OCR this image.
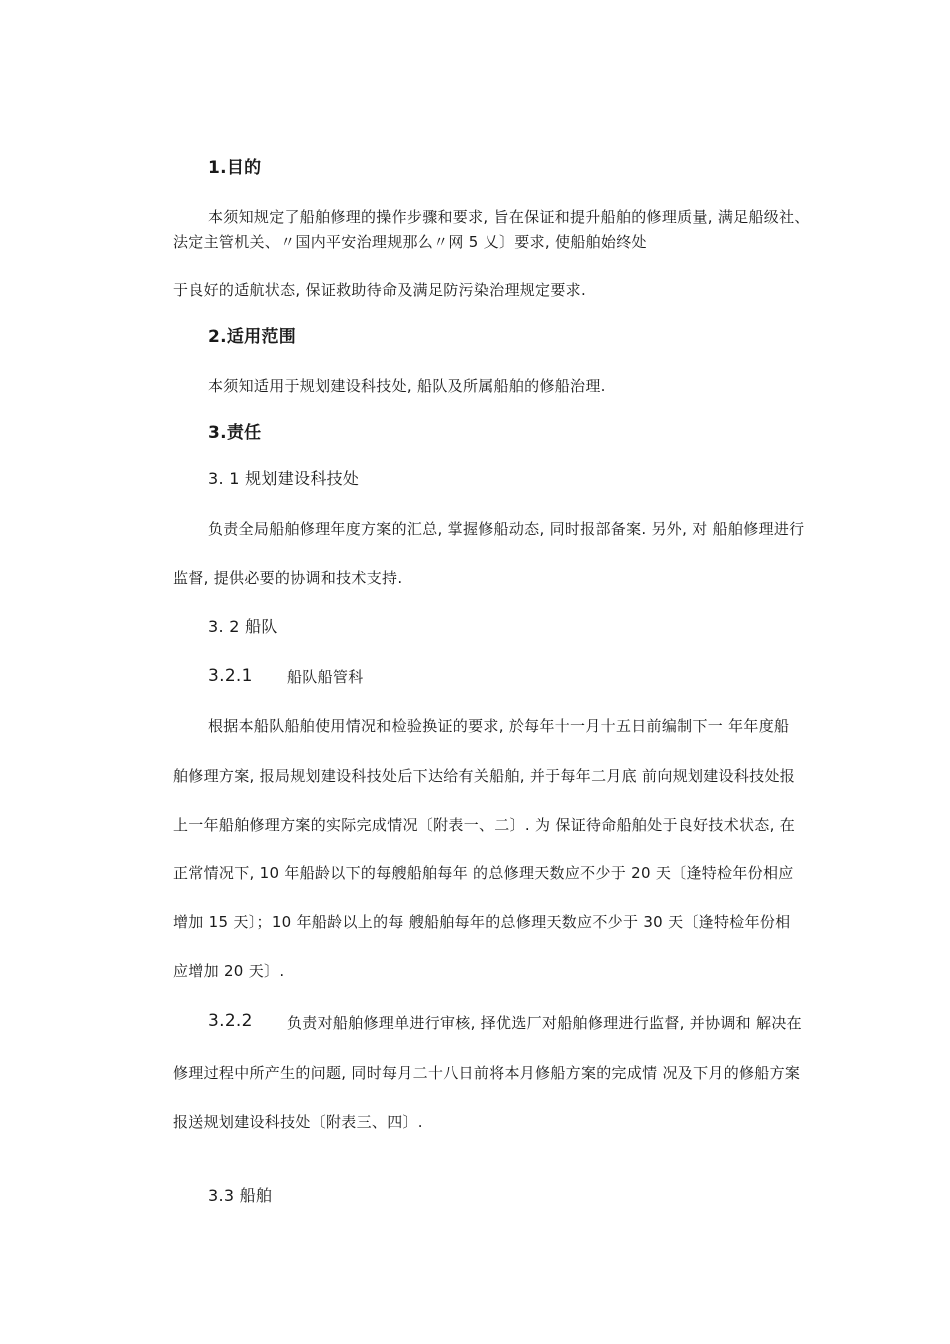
1.目的
本须知规定了船舶修理的操作步骤和要求, 旨在保证和提升船舶的修理质量, 满足船级社、
法定主管机关、〃国内平安治理规那么〃网 5 乂〕要求, 使船舶始终处
于良好的适航状态, 保证救助待命及满足防污染治理规定要求.
2.适用范围
本须知适用于规划建设科技处, 船队及所属船舶的修船治理.
3.责任
3. 1 规划建设科技处
负责全局船舶修理年度方案的汇总, 掌握修船动态, 同时报部备案. 另外, 对 船舶修理进行
监督, 提供必要的协调和技术支持.
3. 2 船队
3.2.1 船队船管科
根据本船队船舶使用情况和检验换证的要求, 於每年十一月十五日前编制下一 年年度船
舶修理方案, 报局规划建设科技处后下达给有关船舶, 并于每年二月底 前向规划建设科技处报
上一年船舶修理方案的实际完成情况〔附表一、二〕. 为 保证待命船舶处于良好技术状态, 在
正常情况下, 10 年船龄以下的每艘船舶每年 的总修理天数应不少于 20 天〔逢特检年份相应
增加 15 天〕；10 年船龄以上的每 艘船舶每年的总修理天数应不少于 30 天〔逢特检年份相
应增加 20 天〕.
3.2.2 负责对船舶修理单进行审核, 择优选厂对船舶修理进行监督, 并协调和 解决在
修理过程中所产生的问题, 同时每月二十八日前将本月修船方案的完成情 况及下月的修船方案
报送规划建设科技处〔附表三、四〕.
3.3 船舶
